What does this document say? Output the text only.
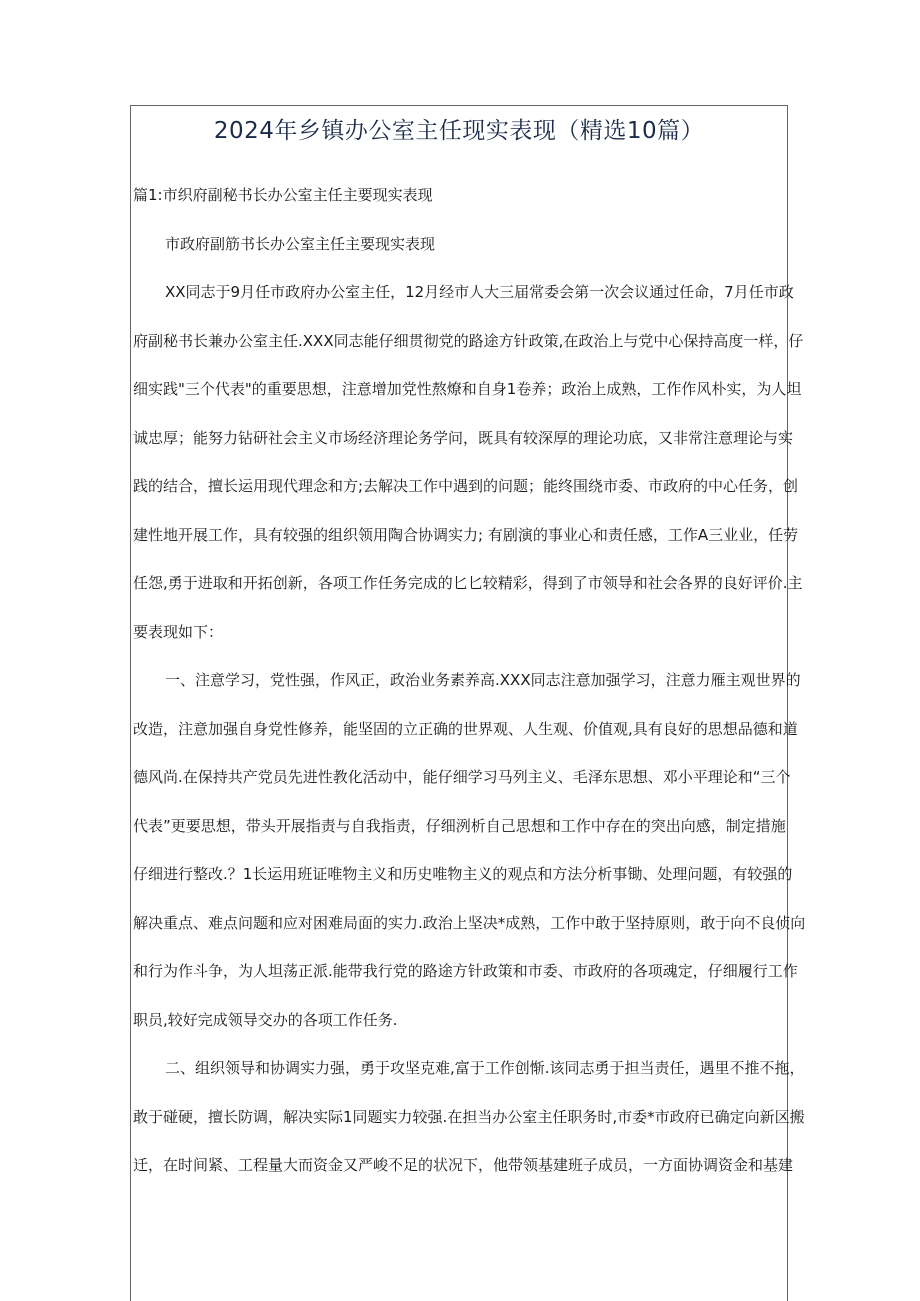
2024年乡镇办公室主任现实表现（精选10篇）
篇1:市织府副秘书长办公室主任主要现实表现
市政府副筋书长办公室主任主要现实表现
XX同志于9月任市政府办公室主任，12月经市人大三届常委会第一次会议通过任命，7月任市政
府副秘书长兼办公室主任.XXX同志能仔细贯彻党的路途方针政策,在政治上与党中心保持高度一样，仔
细实践"三个代表"的重要思想，注意增加党性熬燎和自身1卷养；政治上成熟，工作作风朴实，为人坦
诚忠厚；能努力钻研社会主义市场经济理论务学问，既具有较深厚的理论功底，又非常注意理论与实
践的结合，擅长运用现代理念和方;去解决工作中遇到的问题；能终围绕市委、市政府的中心任务，创
建性地开展工作，具有较强的组织领用陶合协调实力; 有剧演的事业心和责任感，工作A三业业，任劳
任怨,勇于进取和开拓创新，各项工作任务完成的匕匕较精彩，得到了市领导和社会各界的良好评价.主
要表现如下：
一、注意学习，党性强，作风正，政治业务素养高.XXX同志注意加强学习，注意力雁主观世界的
改造，注意加强自身党性修养，能坚固的立正确的世界观、人生观、价值观,具有良好的思想品德和道
德风尚.在保持共产党员先进性教化活动中，能仔细学习马列主义、毛泽东思想、邓小平理论和“三个
代表”更要思想，带头开展指责与自我指责，仔细洌析自己思想和工作中存在的突出向感，制定措施
仔细进行整改.？1长运用班证唯物主义和历史唯物主义的观点和方法分析事锄、处理问题，有较强的
解决重点、难点问题和应对困难局面的实力.政治上坚决*成熟，工作中敢于坚持原则，敢于向不良侦向
和行为作斗争，为人坦荡正派.能带我行党的路途方针政策和市委、市政府的各项魂定，仔细履行工作
职员,较好完成领导交办的各项工作任务.
二、组织领导和协调实力强，勇于攻坚克难,富于工作创惭.该同志勇于担当责任，遇里不推不拖，
敢于碰硬，擅长防调，解决实际1同题实力较强.在担当办公室主任职务时,市委*市政府已确定向新区搬
迁，在时间紧、工程量大而资金又严峻不足的状况下，他带领基建班子成员，一方面协调资金和基建
